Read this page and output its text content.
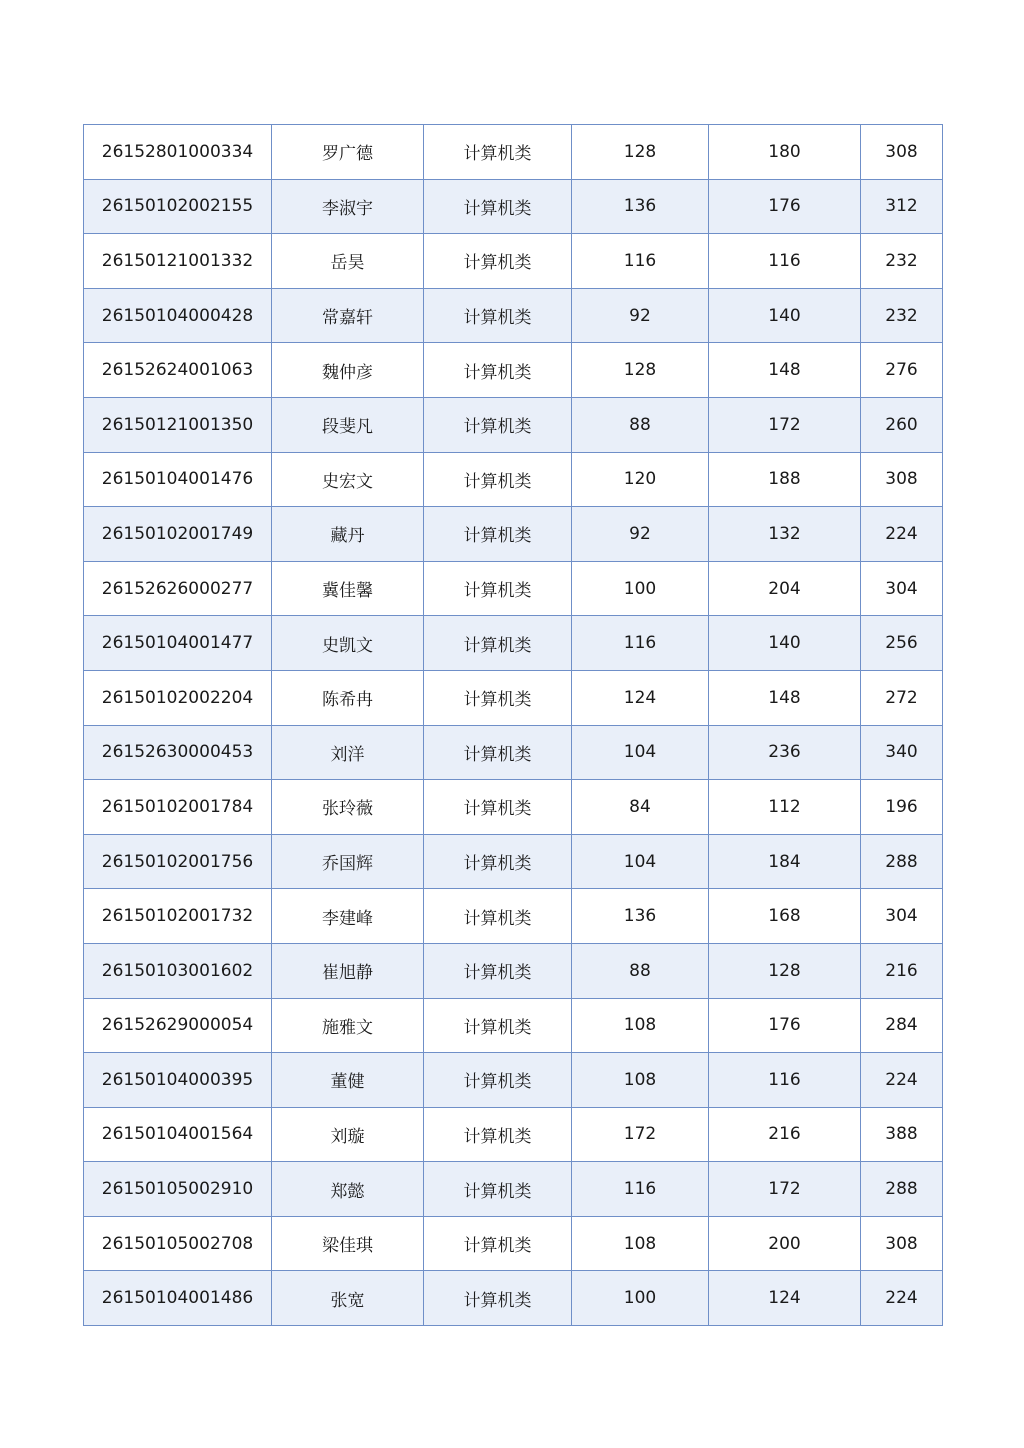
26152801000334	罗广德	计算机类	128	180	308
26150102002155	李淑宇	计算机类	136	176	312
26150121001332	岳昊	计算机类	116	116	232
26150104000428	常嘉轩	计算机类	92	140	232
26152624001063	魏仲彦	计算机类	128	148	276
26150121001350	段斐凡	计算机类	88	172	260
26150104001476	史宏文	计算机类	120	188	308
26150102001749	藏丹	计算机类	92	132	224
26152626000277	冀佳馨	计算机类	100	204	304
26150104001477	史凯文	计算机类	116	140	256
26150102002204	陈希冉	计算机类	124	148	272
26152630000453	刘洋	计算机类	104	236	340
26150102001784	张玲薇	计算机类	84	112	196
26150102001756	乔国辉	计算机类	104	184	288
26150102001732	李建峰	计算机类	136	168	304
26150103001602	崔旭静	计算机类	88	128	216
26152629000054	施雅文	计算机类	108	176	284
26150104000395	董健	计算机类	108	116	224
26150104001564	刘璇	计算机类	172	216	388
26150105002910	郑懿	计算机类	116	172	288
26150105002708	梁佳琪	计算机类	108	200	308
26150104001486	张宽	计算机类	100	124	224
